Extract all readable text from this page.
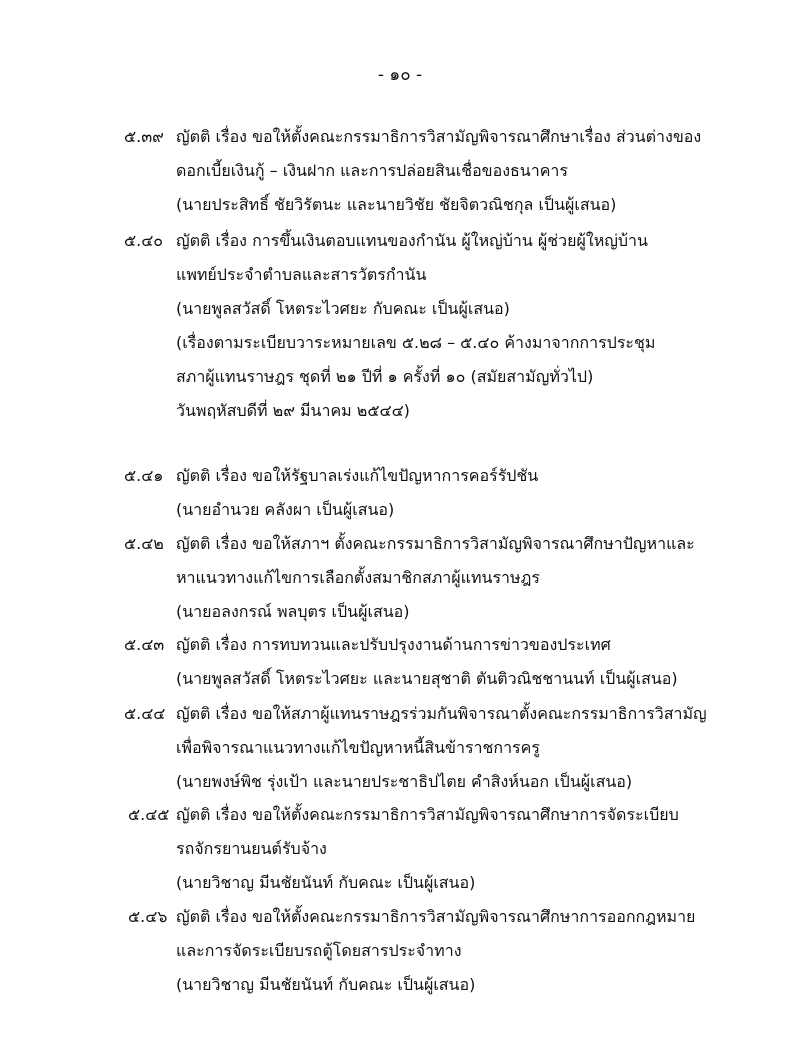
- ๑๐ -
๕.๓๙ ญัตติ เรื่อง ขอให้ตั้งคณะกรรมาธิการวิสามัญพิจารณาศึกษาเรื่อง ส่วนต่างของ
ดอกเบี้ยเงินกู้ – เงินฝาก และการปล่อยสินเชื่อของธนาคาร
(นายประสิทธิ์ ชัยวิรัตนะ และนายวิชัย ชัยจิตวณิชกุล เป็นผู้เสนอ)
๕.๔๐ ญัตติ เรื่อง การขึ้นเงินตอบแทนของกำนัน ผู้ใหญ่บ้าน ผู้ช่วยผู้ใหญ่บ้าน
แพทย์ประจำตำบลและสารวัตรกำนัน
(นายพูลสวัสดิ์ โหตระไวศยะ กับคณะ เป็นผู้เสนอ)
(เรื่องตามระเบียบวาระหมายเลข ๕.๒๘ – ๕.๔๐ ค้างมาจากการประชุม
สภาผู้แทนราษฎร ชุดที่ ๒๑ ปีที่ ๑ ครั้งที่ ๑๐ (สมัยสามัญทั่วไป)
วันพฤหัสบดีที่ ๒๙ มีนาคม ๒๕๔๔)
๕.๔๑ ญัตติ เรื่อง ขอให้รัฐบาลเร่งแก้ไขปัญหาการคอร์รัปชัน
(นายอำนวย คลังผา เป็นผู้เสนอ)
๕.๔๒ ญัตติ เรื่อง ขอให้สภาฯ ตั้งคณะกรรมาธิการวิสามัญพิจารณาศึกษาปัญหาและ
หาแนวทางแก้ไขการเลือกตั้งสมาชิกสภาผู้แทนราษฎร
(นายอลงกรณ์ พลบุตร เป็นผู้เสนอ)
๕.๔๓ ญัตติ เรื่อง การทบทวนและปรับปรุงงานด้านการข่าวของประเทศ
(นายพูลสวัสดิ์ โหตระไวศยะ และนายสุชาติ ตันติวณิชชานนท์ เป็นผู้เสนอ)
๕.๔๔ ญัตติ เรื่อง ขอให้สภาผู้แทนราษฎรร่วมกันพิจารณาตั้งคณะกรรมาธิการวิสามัญ
เพื่อพิจารณาแนวทางแก้ไขปัญหาหนี้สินข้าราชการครู
(นายพงษ์พิช รุ่งเป้า และนายประชาธิปไตย คำสิงห์นอก เป็นผู้เสนอ)
๕.๔๕ ญัตติ เรื่อง ขอให้ตั้งคณะกรรมาธิการวิสามัญพิจารณาศึกษาการจัดระเบียบ
รถจักรยานยนต์รับจ้าง
(นายวิชาญ มีนชัยนันท์ กับคณะ เป็นผู้เสนอ)
๕.๔๖ ญัตติ เรื่อง ขอให้ตั้งคณะกรรมาธิการวิสามัญพิจารณาศึกษาการออกกฎหมาย
และการจัดระเบียบรถตู้โดยสารประจำทาง
(นายวิชาญ มีนชัยนันท์ กับคณะ เป็นผู้เสนอ)
